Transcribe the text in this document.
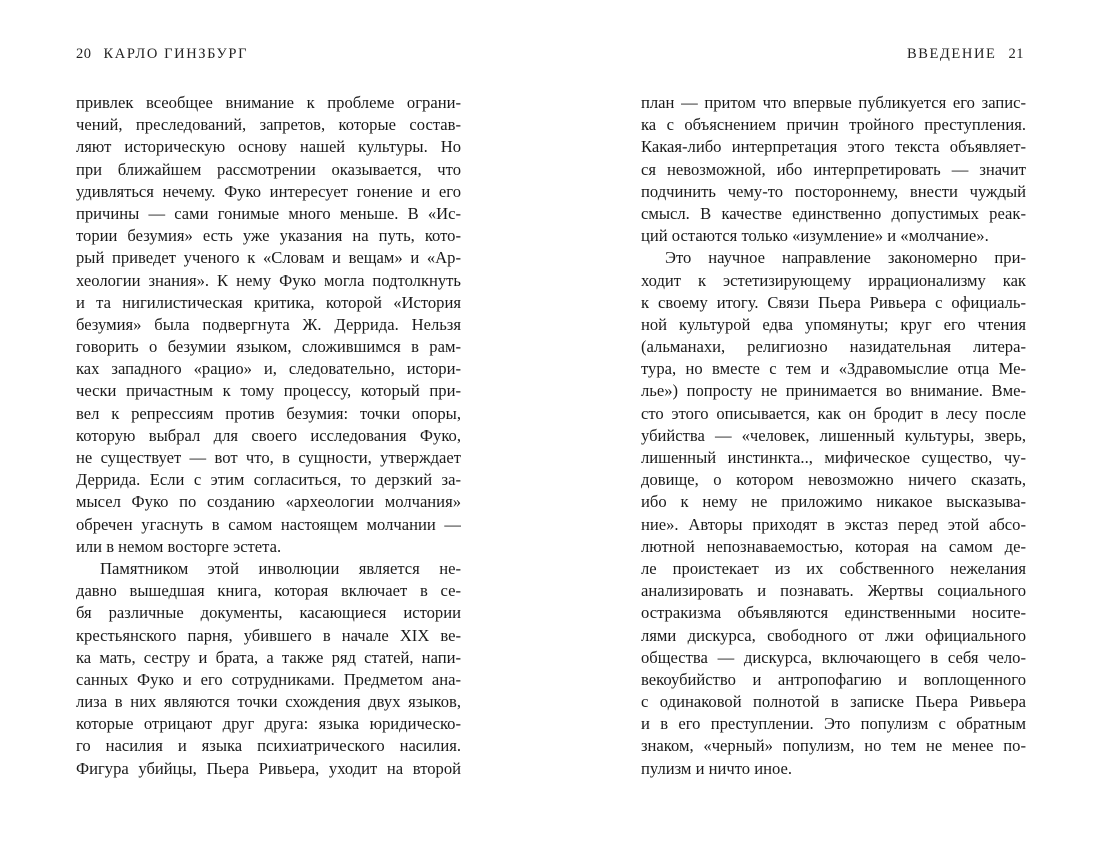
20 КАРЛО ГИНЗБУРГ
привлек всеобщее внимание к проблеме ограни-
чений, преследований, запретов, которые состав-
ляют историческую основу нашей культуры. Но
при ближайшем рассмотрении оказывается, что
удивляться нечему. Фуко интересует гонение и его
причины — сами гонимые много меньше. В «Ис-
тории безумия» есть уже указания на путь, кото-
рый приведет ученого к «Словам и вещам» и «Ар-
хеологии знания». К нему Фуко могла подтолкнуть
и та нигилистическая критика, которой «История
безумия» была подвергнута Ж. Деррида. Нельзя
говорить о безумии языком, сложившимся в рам-
ках западного «рацио» и, следовательно, истори-
чески причастным к тому процессу, который при-
вел к репрессиям против безумия: точки опоры,
которую выбрал для своего исследования Фуко,
не существует — вот что, в сущности, утверждает
Деррида. Если с этим согласиться, то дерзкий за-
мысел Фуко по созданию «археологии молчания»
обречен угаснуть в самом настоящем молчании —
или в немом восторге эстета.
Памятником этой инволюции является не-
давно вышедшая книга, которая включает в се-
бя различные документы, касающиеся истории
крестьянского парня, убившего в начале XIX ве-
ка мать, сестру и брата, а также ряд статей, напи-
санных Фуко и его сотрудниками. Предметом ана-
лиза в них являются точки схождения двух языков,
которые отрицают друг друга: языка юридическо-
го насилия и языка психиатрического насилия.
Фигура убийцы, Пьера Ривьера, уходит на второй
ВВЕДЕНИЕ 21
план — притом что впервые публикуется его запис-
ка с объяснением причин тройного преступления.
Какая-либо интерпретация этого текста объявляет-
ся невозможной, ибо интерпретировать — значит
подчинить чему-то постороннему, внести чуждый
смысл. В качестве единственно допустимых реак-
ций остаются только «изумление» и «молчание».
Это научное направление закономерно при-
ходит к эстетизирующему иррационализму как
к своему итогу. Связи Пьера Ривьера с официаль-
ной культурой едва упомянуты; круг его чтения
(альманахи, религиозно назидательная литера-
тура, но вместе с тем и «Здравомыслие отца Ме-
лье») попросту не принимается во внимание. Вме-
сто этого описывается, как он бродит в лесу после
убийства — «человек, лишенный культуры, зверь,
лишенный инстинкта.., мифическое существо, чу-
довище, о котором невозможно ничего сказать,
ибо к нему не приложимо никакое высказыва-
ние». Авторы приходят в экстаз перед этой абсо-
лютной непознаваемостью, которая на самом де-
ле проистекает из их собственного нежелания
анализировать и познавать. Жертвы социального
остракизма объявляются единственными носите-
лями дискурса, свободного от лжи официального
общества — дискурса, включающего в себя чело-
векоубийство и антропофагию и воплощенного
с одинаковой полнотой в записке Пьера Ривьера
и в его преступлении. Это популизм с обратным
знаком, «черный» популизм, но тем не менее по-
пулизм и ничто иное.
